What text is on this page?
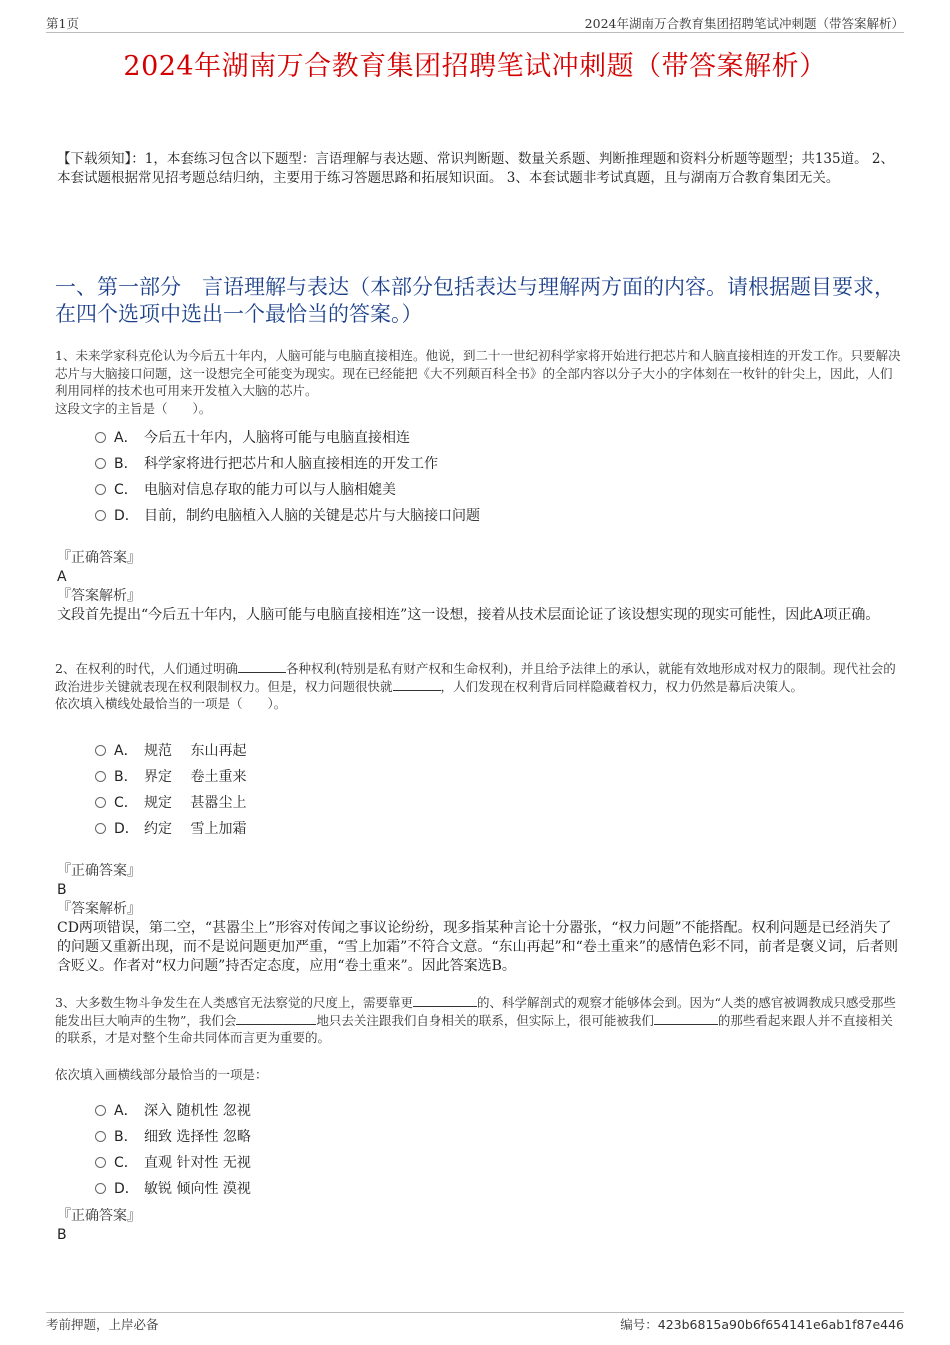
第1页	2024年湖南万合教育集团招聘笔试冲刺题（带答案解析）
2024年湖南万合教育集团招聘笔试冲刺题（带答案解析）
【下载须知】：1，本套练习包含以下题型：言语理解与表达题、常识判断题、数量关系题、判断推理题和资料分析题等题型；共135道。 2、本套试题根据常见招考题总结归纳，主要用于练习答题思路和拓展知识面。 3、本套试题非考试真题，且与湖南万合教育集团无关。
一、第一部分　言语理解与表达（本部分包括表达与理解两方面的内容。请根据题目要求，在四个选项中选出一个最恰当的答案。）
1、未来学家科克伦认为今后五十年内，人脑可能与电脑直接相连。他说，到二十一世纪初科学家将开始进行把芯片和人脑直接相连的开发工作。只要解决芯片与大脑接口问题，这一设想完全可能变为现实。现在已经能把《大不列颠百科全书》的全部内容以分子大小的字体刻在一枚针的针尖上，因此，人们利用同样的技术也可用来开发植入大脑的芯片。
这段文字的主旨是（　　）。
A． 今后五十年内，人脑将可能与电脑直接相连
B． 科学家将进行把芯片和人脑直接相连的开发工作
C． 电脑对信息存取的能力可以与人脑相媲美
D． 目前，制约电脑植入人脑的关键是芯片与大脑接口问题
『正确答案』
A
『答案解析』
文段首先提出“今后五十年内，人脑可能与电脑直接相连”这一设想，接着从技术层面论证了该设想实现的现实可能性，因此A项正确。
2、在权利的时代，人们通过明确	各种权利(特别是私有财产权和生命权利)，并且给予法律上的承认，就能有效地形成对权力的限制。现代社会的政治进步关键就表现在权利限制权力。但是，权力问题很快就	，人们发现在权利背后同样隐藏着权力，权力仍然是幕后决策人。
依次填入横线处最恰当的一项是（　　）。
A． 规范　 东山再起
B． 界定　 卷土重来
C． 规定　 甚嚣尘上
D． 约定　 雪上加霜
『正确答案』
B
『答案解析』
CD两项错误，第二空，“甚嚣尘上”形容对传闻之事议论纷纷，现多指某种言论十分嚣张，“权力问题”不能搭配。权利问题是已经消失了的问题又重新出现，而不是说问题更加严重，“雪上加霜”不符合文意。“东山再起”和“卷土重来”的感情色彩不同，前者是褒义词，后者则含贬义。作者对“权力问题”持否定态度，应用“卷土重来”。因此答案选B。
3、大多数生物斗争发生在人类感官无法察觉的尺度上，需要靠更	的、科学解剖式的观察才能够体会到。因为“人类的感官被调教成只感受那些能发出巨大响声的生物”，我们会	地只去关注跟我们自身相关的联系，但实际上，很可能被我们	的那些看起来跟人并不直接相关的联系，才是对整个生命共同体而言更为重要的。
依次填入画横线部分最恰当的一项是：
A． 深入 随机性 忽视
B． 细致 选择性 忽略
C． 直观 针对性 无视
D． 敏锐 倾向性 漠视
『正确答案』
B
考前押题，上岸必备	编号：423b6815a90b6f654141e6ab1f87e446
